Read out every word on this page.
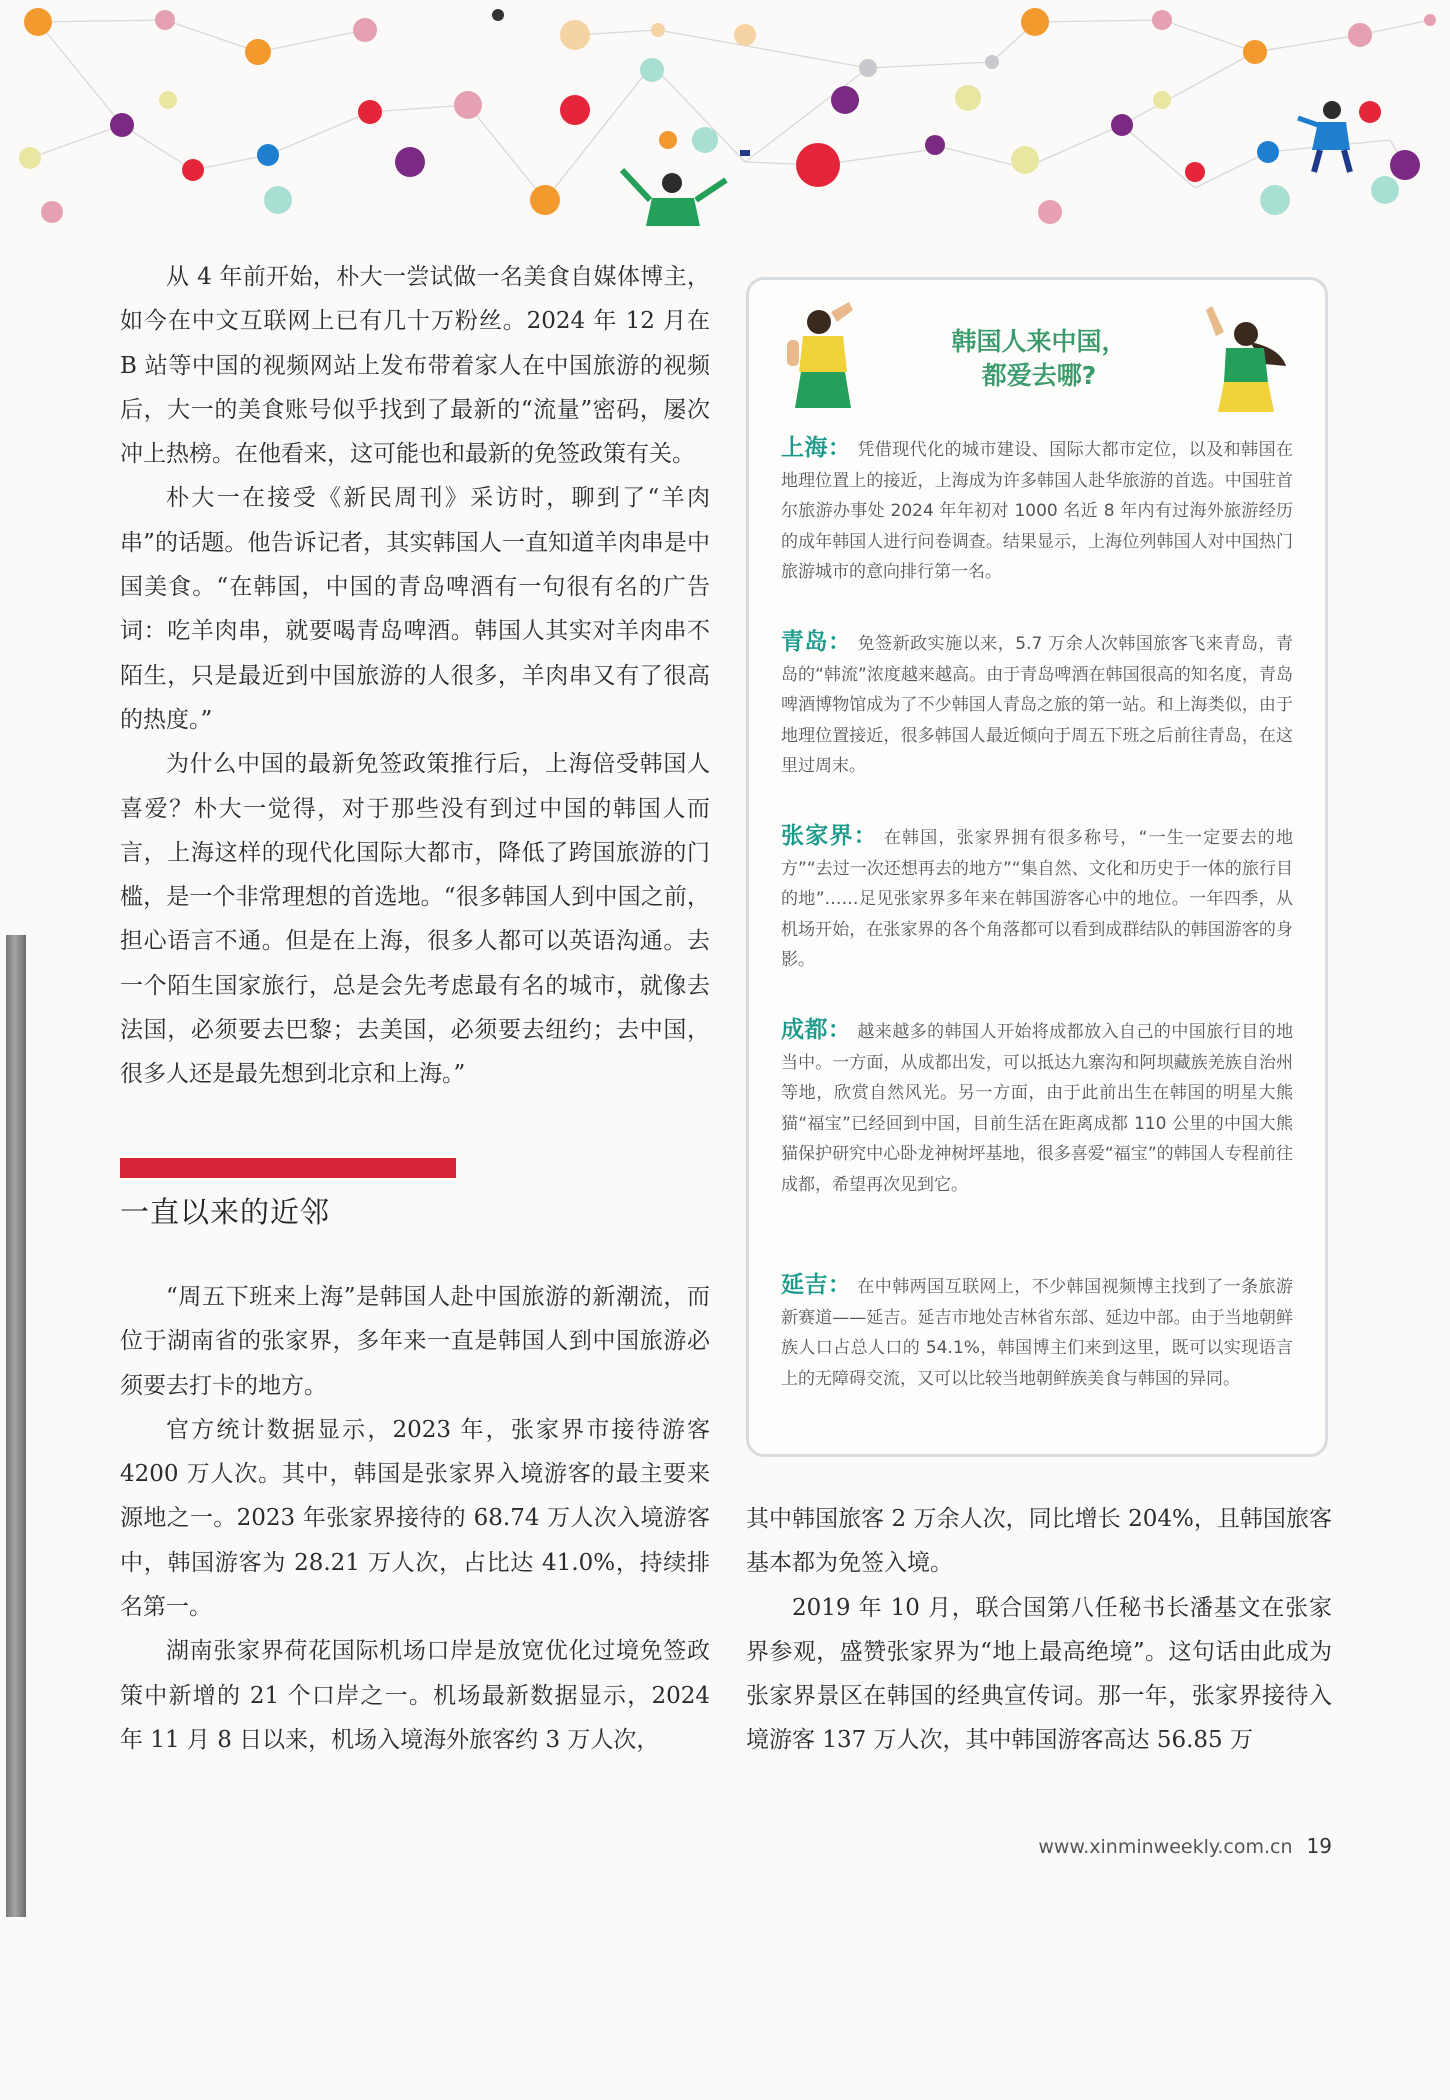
从 4 年前开始，朴大一尝试做一名美食自媒体博主，如今在中文互联网上已有几十万粉丝。2024 年 12 月在 B 站等中国的视频网站上发布带着家人在中国旅游的视频后，大一的美食账号似乎找到了最新的“流量”密码，屡次冲上热榜。在他看来，这可能也和最新的免签政策有关。

朴大一在接受《新民周刊》采访时，聊到了“羊肉串”的话题。他告诉记者，其实韩国人一直知道羊肉串是中国美食。“在韩国，中国的青岛啤酒有一句很有名的广告词：吃羊肉串，就要喝青岛啤酒。韩国人其实对羊肉串不陌生，只是最近到中国旅游的人很多，羊肉串又有了很高的热度。”

为什么中国的最新免签政策推行后，上海倍受韩国人喜爱？朴大一觉得，对于那些没有到过中国的韩国人而言，上海这样的现代化国际大都市，降低了跨国旅游的门槛，是一个非常理想的首选地。“很多韩国人到中国之前，担心语言不通。但是在上海，很多人都可以英语沟通。去一个陌生国家旅行，总是会先考虑最有名的城市，就像去法国，必须要去巴黎；去美国，必须要去纽约；去中国，很多人还是最先想到北京和上海。”

一直以来的近邻

“周五下班来上海”是韩国人赴中国旅游的新潮流，而位于湖南省的张家界，多年来一直是韩国人到中国旅游必须要去打卡的地方。

官方统计数据显示，2023 年，张家界市接待游客 4200 万人次。其中，韩国是张家界入境游客的最主要来源地之一。2023 年张家界接待的 68.74 万人次入境游客中，韩国游客为 28.21 万人次，占比达 41.0%，持续排名第一。

湖南张家界荷花国际机场口岸是放宽优化过境免签政策中新增的 21 个口岸之一。机场最新数据显示，2024 年 11 月 8 日以来，机场入境海外旅客约 3 万人次，

韩国人来中国，
都爱去哪?
上海： 凭借现代化的城市建设、国际大都市定位，以及和韩国在地理位置上的接近，上海成为许多韩国人赴华旅游的首选。中国驻首尔旅游办事处 2024 年年初对 1000 名近 8 年内有过海外旅游经历的成年韩国人进行问卷调查。结果显示，上海位列韩国人对中国热门旅游城市的意向排行第一名。
青岛： 免签新政实施以来，5.7 万余人次韩国旅客飞来青岛，青岛的“韩流”浓度越来越高。由于青岛啤酒在韩国很高的知名度，青岛啤酒博物馆成为了不少韩国人青岛之旅的第一站。和上海类似，由于地理位置接近，很多韩国人最近倾向于周五下班之后前往青岛，在这里过周末。
张家界： 在韩国，张家界拥有很多称号，“一生一定要去的地方”“去过一次还想再去的地方”“集自然、文化和历史于一体的旅行目的地”……足见张家界多年来在韩国游客心中的地位。一年四季，从机场开始，在张家界的各个角落都可以看到成群结队的韩国游客的身影。
成都： 越来越多的韩国人开始将成都放入自己的中国旅行目的地当中。一方面，从成都出发，可以抵达九寨沟和阿坝藏族羌族自治州等地，欣赏自然风光。另一方面，由于此前出生在韩国的明星大熊猫“福宝”已经回到中国，目前生活在距离成都 110 公里的中国大熊猫保护研究中心卧龙神树坪基地，很多喜爱“福宝”的韩国人专程前往成都，希望再次见到它。
延吉： 在中韩两国互联网上，不少韩国视频博主找到了一条旅游新赛道——延吉。延吉市地处吉林省东部、延边中部。由于当地朝鲜族人口占总人口的 54.1%，韩国博主们来到这里，既可以实现语言上的无障碍交流，又可以比较当地朝鲜族美食与韩国的异同。

其中韩国旅客 2 万余人次，同比增长 204%，且韩国旅客基本都为免签入境。

2019 年 10 月，联合国第八任秘书长潘基文在张家界参观，盛赞张家界为“地上最高绝境”。这句话由此成为张家界景区在韩国的经典宣传词。那一年，张家界接待入境游客 137 万人次，其中韩国游客高达 56.85 万

www.xinminweekly.com.cn 19
